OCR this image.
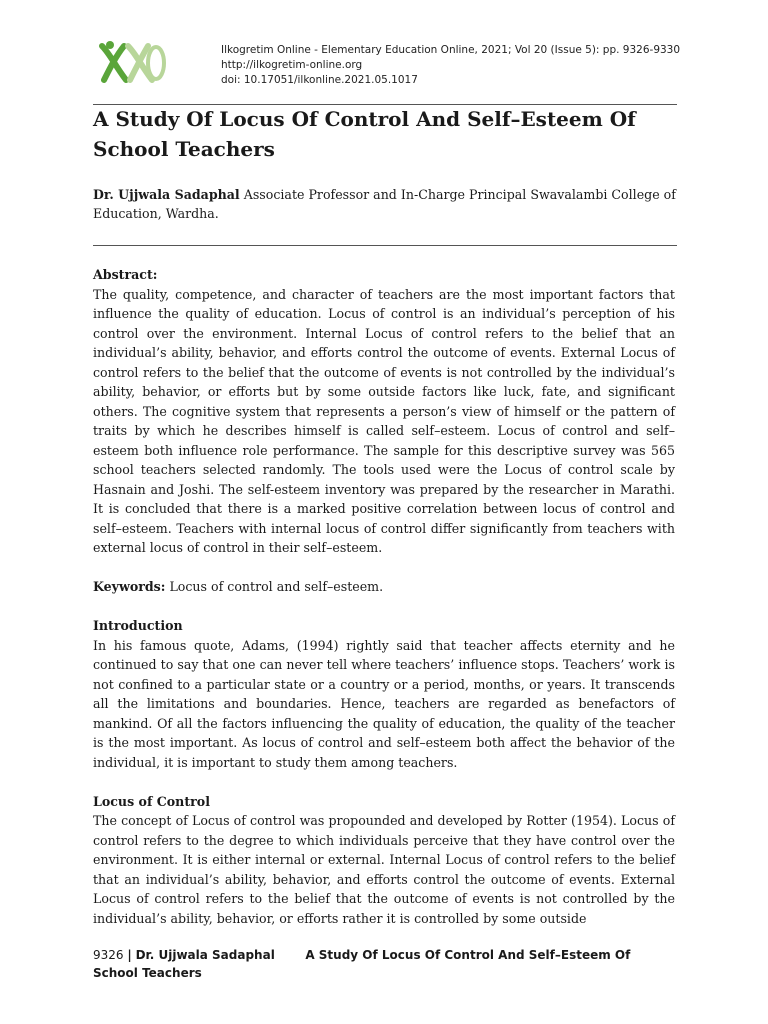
Ilkogretim Online - Elementary Education Online, 2021; Vol 20 (Issue 5): pp. 9326-9330
http://ilkogretim-online.org
doi: 10.17051/ilkonline.2021.05.1017
A Study Of Locus Of Control And Self–Esteem Of School Teachers

Dr. Ujjwala Sadaphal Associate Professor and In-Charge Principal Swavalambi College of Education, Wardha.

Abstract:

The quality, competence, and character of teachers are the most important factors that influence the quality of education. Locus of control is an individual’s perception of his control over the environment. Internal Locus of control refers to the belief that an individual’s ability, behavior, and efforts control the outcome of events. External Locus of control refers to the belief that the outcome of events is not controlled by the individual’s ability, behavior, or efforts but by some outside factors like luck, fate, and significant others. The cognitive system that represents a person’s view of himself or the pattern of traits by which he describes himself is called self–esteem. Locus of control and self–esteem both influence role performance. The sample for this descriptive survey was 565 school teachers selected randomly. The tools used were the Locus of control scale by Hasnain and Joshi. The self-esteem inventory was prepared by the researcher in Marathi. It is concluded that there is a marked positive correlation between locus of control and self–esteem. Teachers with internal locus of control differ significantly from teachers with external locus of control in their self–esteem.

Keywords: Locus of control and self–esteem.

Introduction

In his famous quote, Adams, (1994) rightly said that teacher affects eternity and he continued to say that one can never tell where teachers’ influence stops. Teachers’ work is not confined to a particular state or a country or a period, months, or years. It transcends all the limitations and boundaries. Hence, teachers are regarded as benefactors of mankind. Of all the factors influencing the quality of education, the quality of the teacher is the most important. As locus of control and self–esteem both affect the behavior of the individual, it is important to study them among teachers.

Locus of Control

The concept of Locus of control was propounded and developed by Rotter (1954). Locus of control refers to the degree to which individuals perceive that they have control over the environment. It is either internal or external. Internal Locus of control refers to the belief that an individual’s ability, behavior, and efforts control the outcome of events. External Locus of control refers to the belief that the outcome of events is not controlled by the individual’s ability, behavior, or efforts rather it is controlled by some outside

9326 | Dr. Ujjwala Sadaphal	A Study Of Locus Of Control And Self–Esteem Of School Teachers
